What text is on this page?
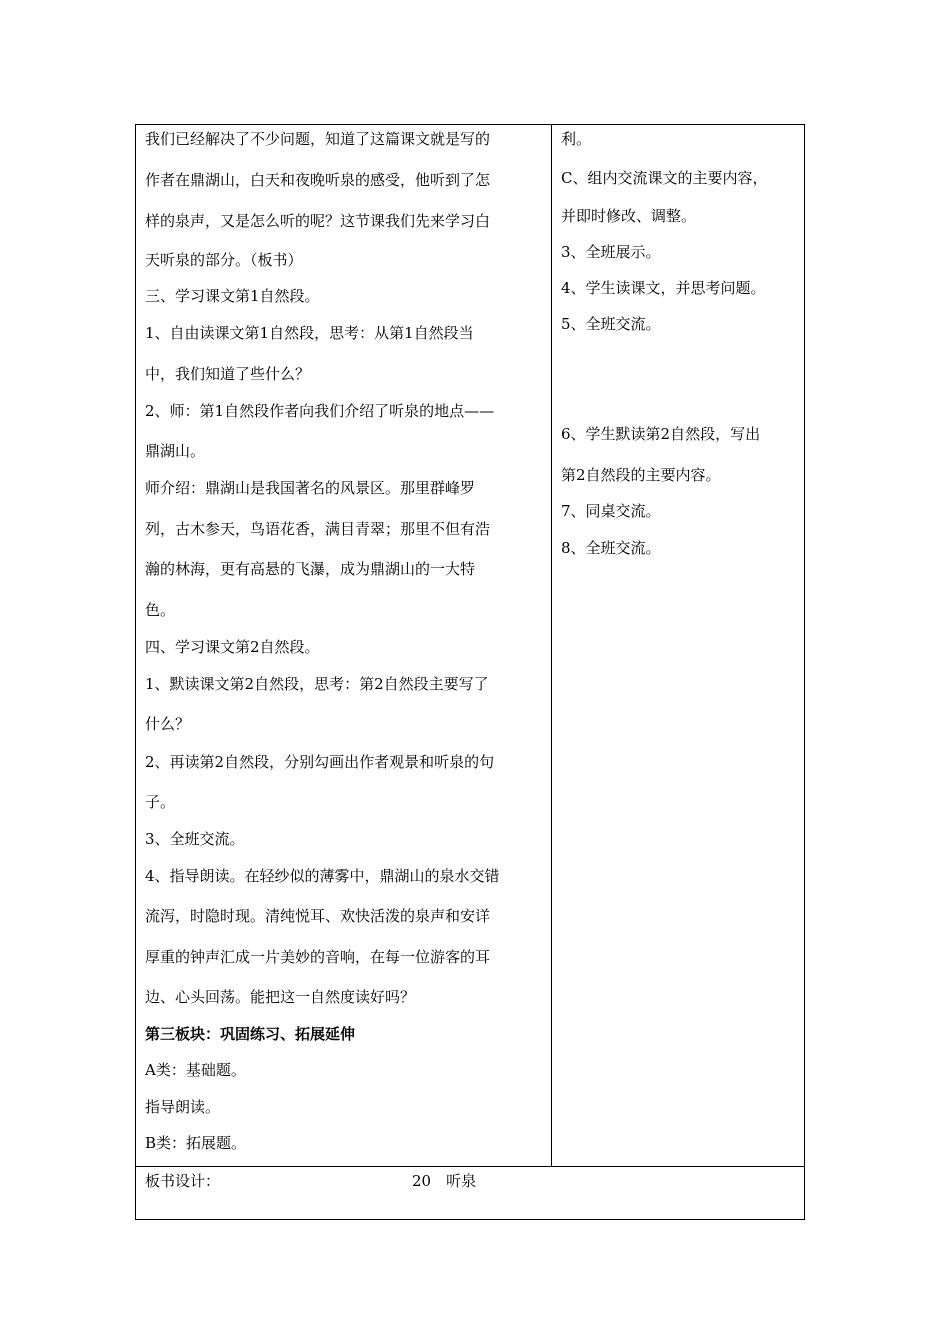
我们已经解决了不少问题，知道了这篇课文就是写的
作者在鼎湖山，白天和夜晚听泉的感受，他听到了怎
样的泉声，又是怎么听的呢？这节课我们先来学习白
天听泉的部分。（板书）
三、学习课文第1自然段。
1、自由读课文第1自然段，思考：从第1自然段当
中，我们知道了些什么？
2、师：第1自然段作者向我们介绍了听泉的地点——
鼎湖山。
师介绍：鼎湖山是我国著名的风景区。那里群峰罗
列，古木参天，鸟语花香，满目青翠；那里不但有浩
瀚的林海，更有高悬的飞瀑，成为鼎湖山的一大特
色。
四、学习课文第2自然段。
1、默读课文第2自然段，思考：第2自然段主要写了
什么？
2、再读第2自然段，分别勾画出作者观景和听泉的句
子。
3、全班交流。
4、指导朗读。在轻纱似的薄雾中，鼎湖山的泉水交错
流泻，时隐时现。清纯悦耳、欢快活泼的泉声和安详
厚重的钟声汇成一片美妙的音响，在每一位游客的耳
边、心头回荡。能把这一自然度读好吗？
第三板块：巩固练习、拓展延伸
A类：基础题。
指导朗读。
B类：拓展题。
利。
C、组内交流课文的主要内容，
并即时修改、调整。
3、全班展示。
4、学生读课文，并思考问题。
5、全班交流。
6、学生默读第2自然段，写出
第2自然段的主要内容。
7、同桌交流。
8、全班交流。
板书设计：	20　听泉
